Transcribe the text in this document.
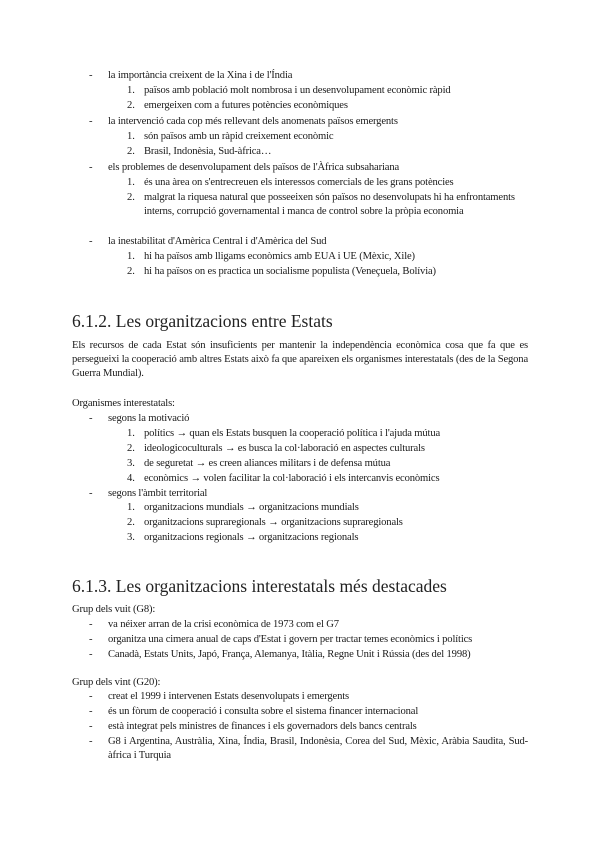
- la importància creixent de la Xina i de l'Índia
1. països amb població molt nombrosa i un desenvolupament econòmic ràpid
2. emergeixen com a futures potències econòmiques
- la intervenció cada cop més rellevant dels anomenats països emergents
1. són països amb un ràpid creixement econòmic
2. Brasil, Indonèsia, Sud-àfrica…
- els problemes de desenvolupament dels països de l'Àfrica subsahariana
1. és una àrea on s'entrecreuen els interessos comercials de les grans potències
2. malgrat la riquesa natural que posseeixen són països no desenvolupats hi ha enfrontaments interns, corrupció governamental i manca de control sobre la pròpia economia
- la inestabilitat d'Amèrica Central i d'Amèrica del Sud
1. hi ha països amb lligams econòmics amb EUA i UE (Mèxic, Xile)
2. hi ha països on es practica un socialisme populista (Veneçuela, Bolívia)
6.1.2. Les organitzacions entre Estats
Els recursos de cada Estat són insuficients per mantenir la independència econòmica cosa que fa que es persegueixi la cooperació amb altres Estats això fa que apareixen els organismes interestatals (des de la Segona Guerra Mundial).
Organismes interestatals:
- segons la motivació
1. polítics → quan els Estats busquen la cooperació política i l'ajuda mútua
2. ideologicoculturals → es busca la col·laboració en aspectes culturals
3. de seguretat → es creen aliances militars i de defensa mútua
4. econòmics → volen facilitar la col·laboració i els intercanvis econòmics
- segons l'àmbit territorial
1. organitzacions mundials → organitzacions mundials
2. organitzacions supraregionals → organitzacions supraregionals
3. organitzacions regionals → organitzacions regionals
6.1.3. Les organitzacions interestatals més destacades
Grup dels vuit (G8):
- va néixer arran de la crisi econòmica de 1973 com el G7
- organitza una cimera anual de caps d'Estat i govern per tractar temes econòmics i polítics
- Canadà, Estats Units, Japó, França, Alemanya, Itàlia, Regne Unit i Rússia (des del 1998)
Grup dels vint (G20):
- creat el 1999 i intervenen Estats desenvolupats i emergents
- és un fòrum de cooperació i consulta sobre el sistema financer internacional
- està integrat pels ministres de finances i els governadors dels bancs centrals
- G8 i Argentina, Austràlia, Xina, Índia, Brasil, Indonèsia, Corea del Sud, Mèxic, Aràbia Saudita, Sud-àfrica i Turquia
